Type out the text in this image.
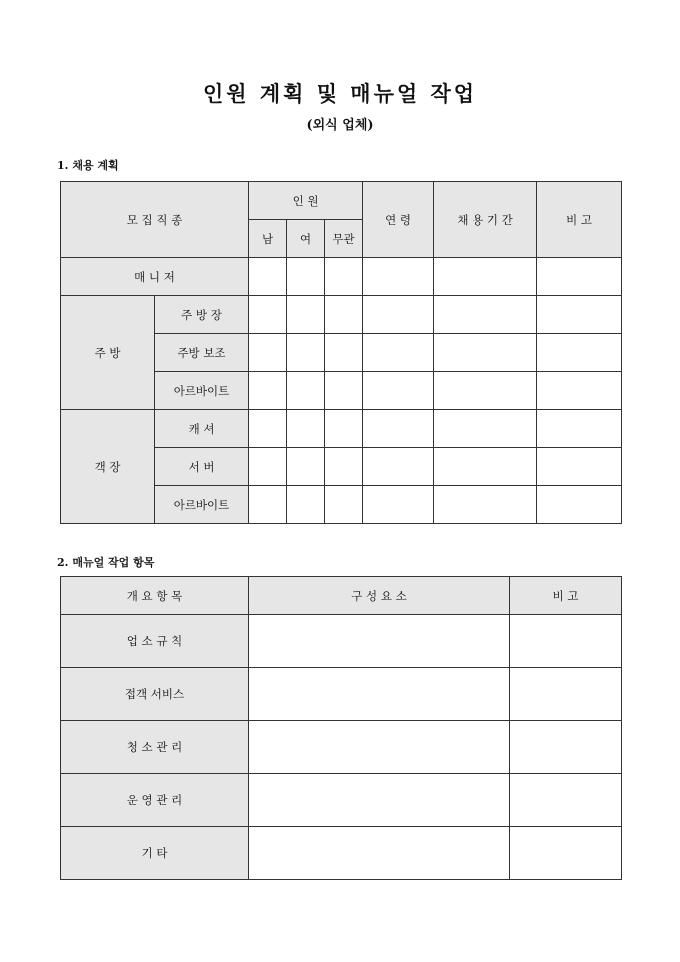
인원 계획 및 매뉴얼 작업
(외식 업체)
1. 채용 계획
모 집 직 종		인 원			연 령	채 용 기 간	비 고
		남	여	무관			
매 니 저							
주 방	주 방 장						
	주방 보조						
	아르바이트						
객 장	캐 셔						
	서 버						
	아르바이트						
2. 매뉴얼 작업 항목
개 요 항 목	구 성 요 소	비 고
업 소 규 칙		
접객 서비스		
청 소 관 리		
운 영 관 리		
기 타		
